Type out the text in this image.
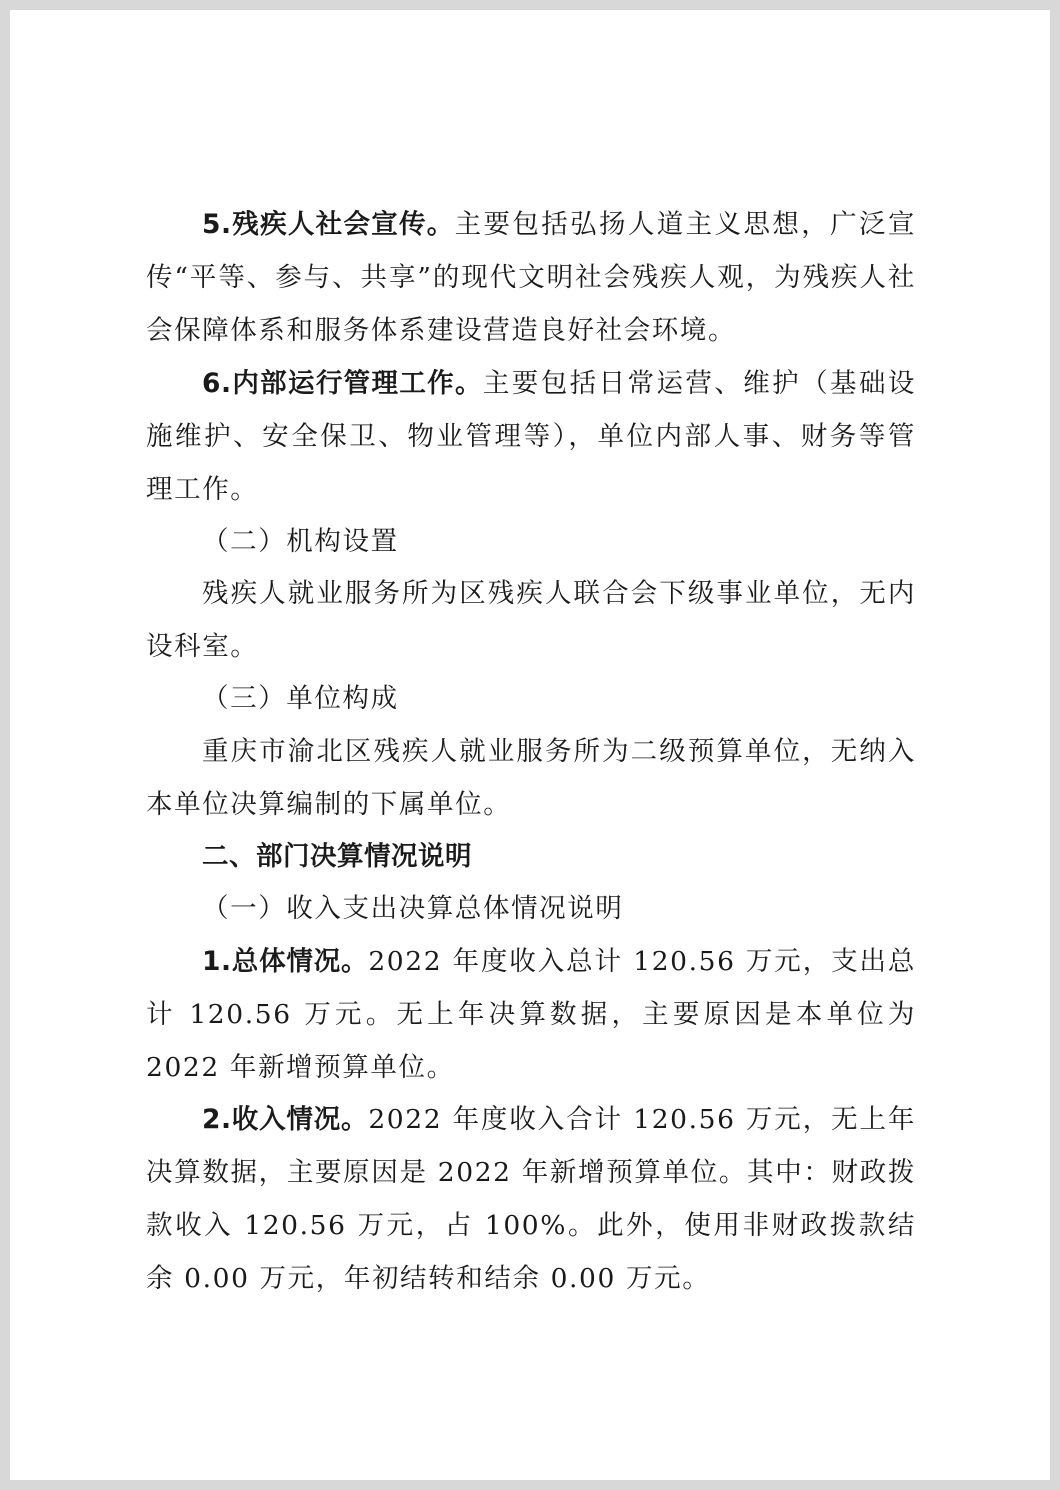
5.残疾人社会宣传。主要包括弘扬人道主义思想，广泛宣传“平等、参与、共享”的现代文明社会残疾人观，为残疾人社会保障体系和服务体系建设营造良好社会环境。

6.内部运行管理工作。主要包括日常运营、维护（基础设施维护、安全保卫、物业管理等），单位内部人事、财务等管理工作。

（二）机构设置

残疾人就业服务所为区残疾人联合会下级事业单位，无内设科室。

（三）单位构成

重庆市渝北区残疾人就业服务所为二级预算单位，无纳入本单位决算编制的下属单位。

二、部门决算情况说明

（一）收入支出决算总体情况说明

1.总体情况。2022 年度收入总计 120.56 万元，支出总计 120.56 万元。无上年决算数据，主要原因是本单位为 2022 年新增预算单位。

2.收入情况。2022 年度收入合计 120.56 万元，无上年决算数据，主要原因是 2022 年新增预算单位。其中：财政拨款收入 120.56 万元，占 100%。此外，使用非财政拨款结余 0.00 万元，年初结转和结余 0.00 万元。
